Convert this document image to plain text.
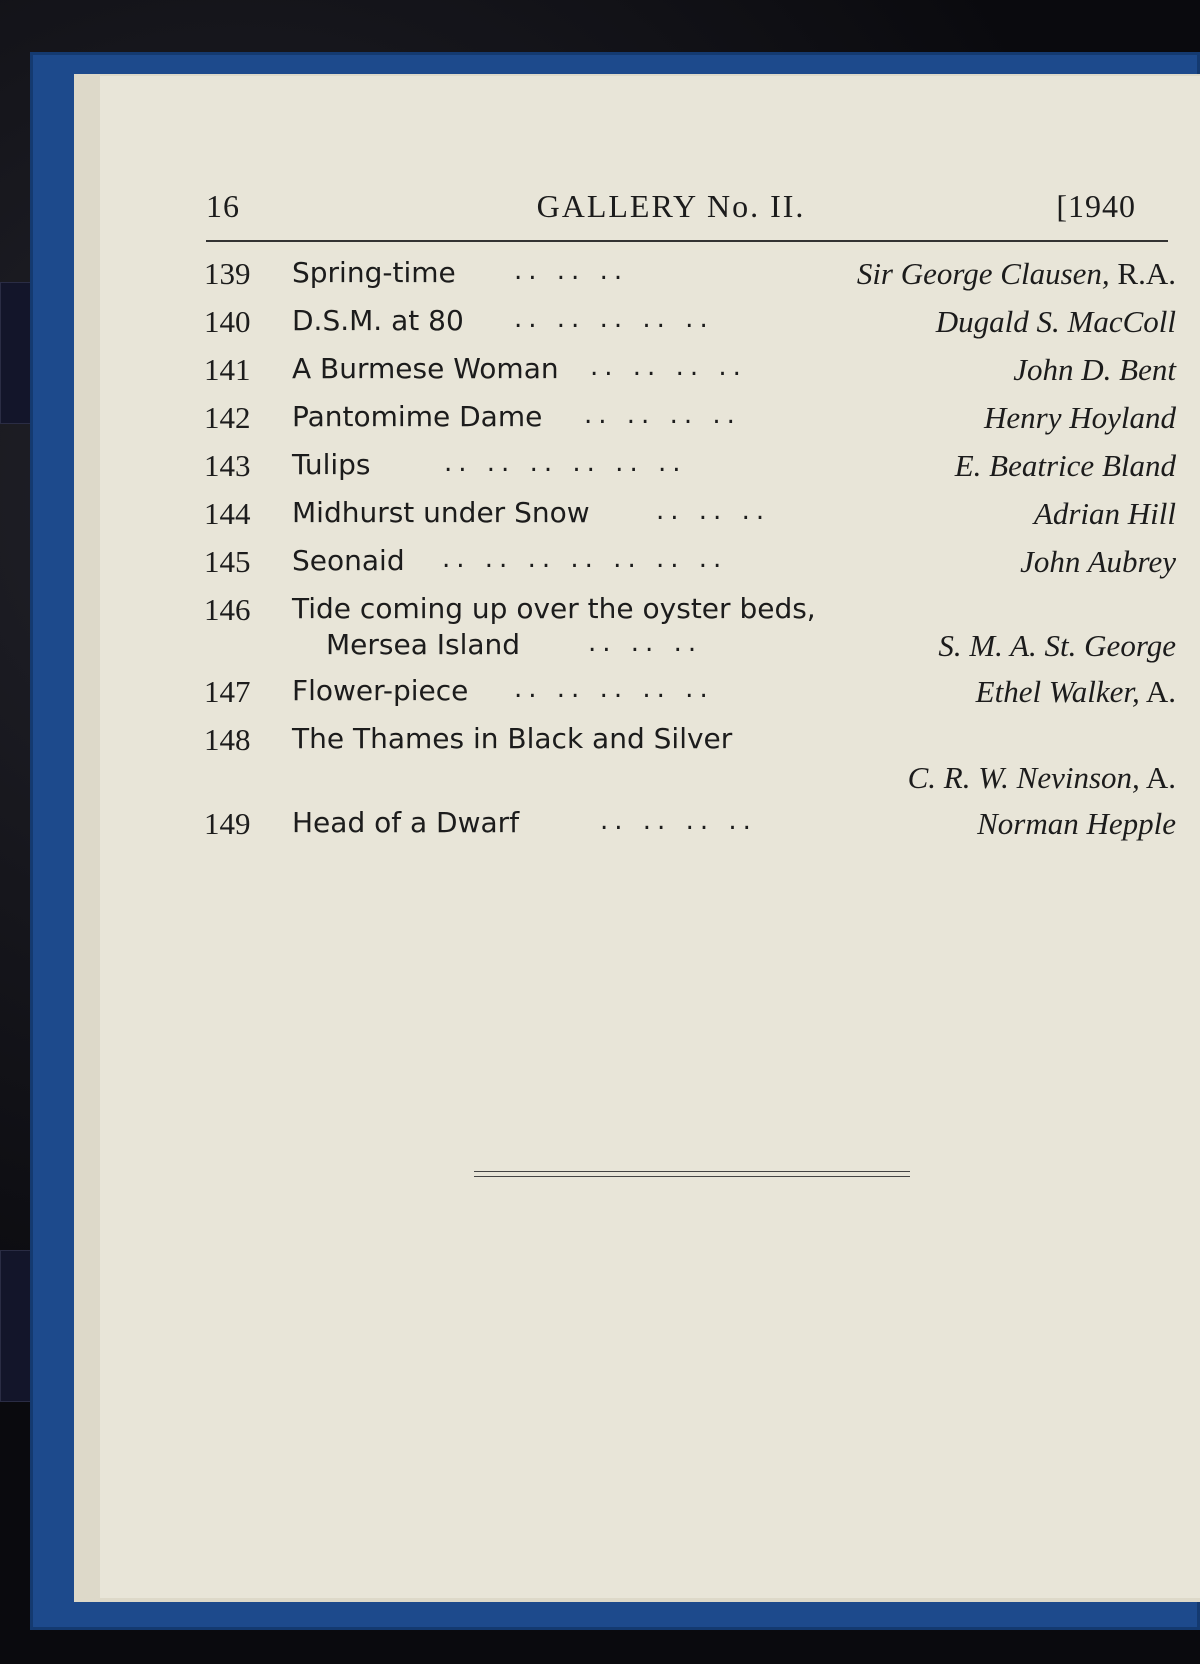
16	GALLERY No. II.	[1940
139 Spring-time .. .. ..	Sir George Clausen, R.A.
140 D.S.M. at 80 .. .. .. .. ..	Dugald S. MacColl
141 A Burmese Woman .. .. .. ..	John D. Bent
142 Pantomime Dame .. .. .. ..	Henry Hoyland
143 Tulips	.. .. .. .. .. ..	E. Beatrice Bland
144 Midhurst under Snow	.. .. ..	Adrian Hill
145 Seonaid .. .. .. .. .. .. ..	John Aubrey
146 Tide coming up over the oyster beds,
Mersea Island	.. .. ..	S. M. A. St. George
147 Flower-piece .. .. .. .. ..	Ethel Walker, A.
148 The Thames in Black and Silver
C. R. W. Nevinson, A.
149 Head of a Dwarf	.. .. .. ..	Norman Hepple
